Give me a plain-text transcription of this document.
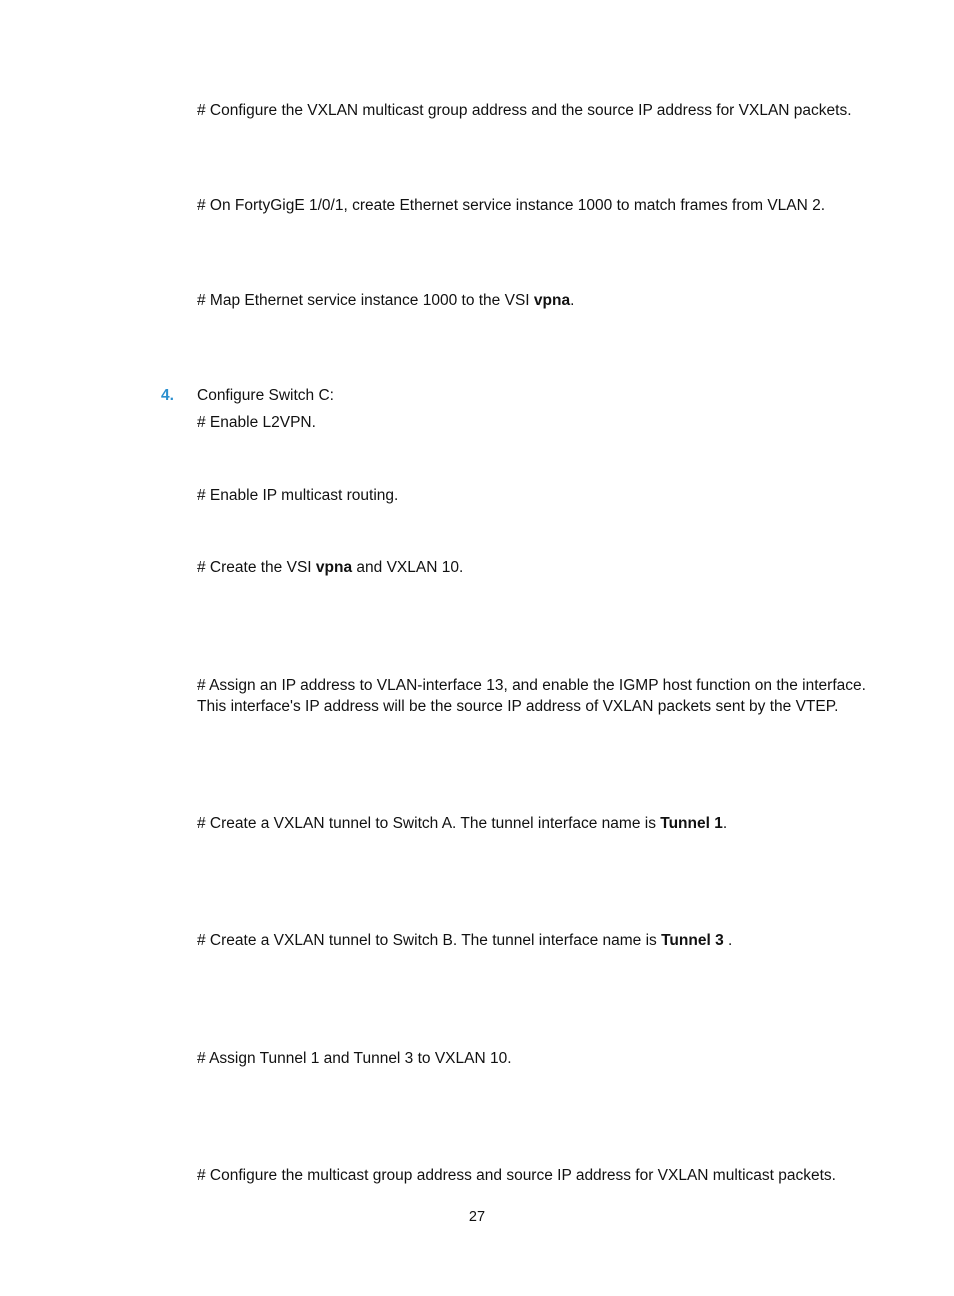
# Configure the VXLAN multicast group address and the source IP address for VXLAN packets.

# On FortyGigE 1/0/1, create Ethernet service instance 1000 to match frames from VLAN 2.

# Map Ethernet service instance 1000 to the VSI vpna.

4. Configure Switch C:

# Enable L2VPN.

# Enable IP multicast routing.

# Create the VSI vpna and VXLAN 10.

# Assign an IP address to VLAN-interface 13, and enable the IGMP host function on the interface.

This interface's IP address will be the source IP address of VXLAN packets sent by the VTEP.

# Create a VXLAN tunnel to Switch A. The tunnel interface name is Tunnel 1.

# Create a VXLAN tunnel to Switch B. The tunnel interface name is Tunnel 3 .

# Assign Tunnel 1 and Tunnel 3 to VXLAN 10.

# Configure the multicast group address and source IP address for VXLAN multicast packets.

27
